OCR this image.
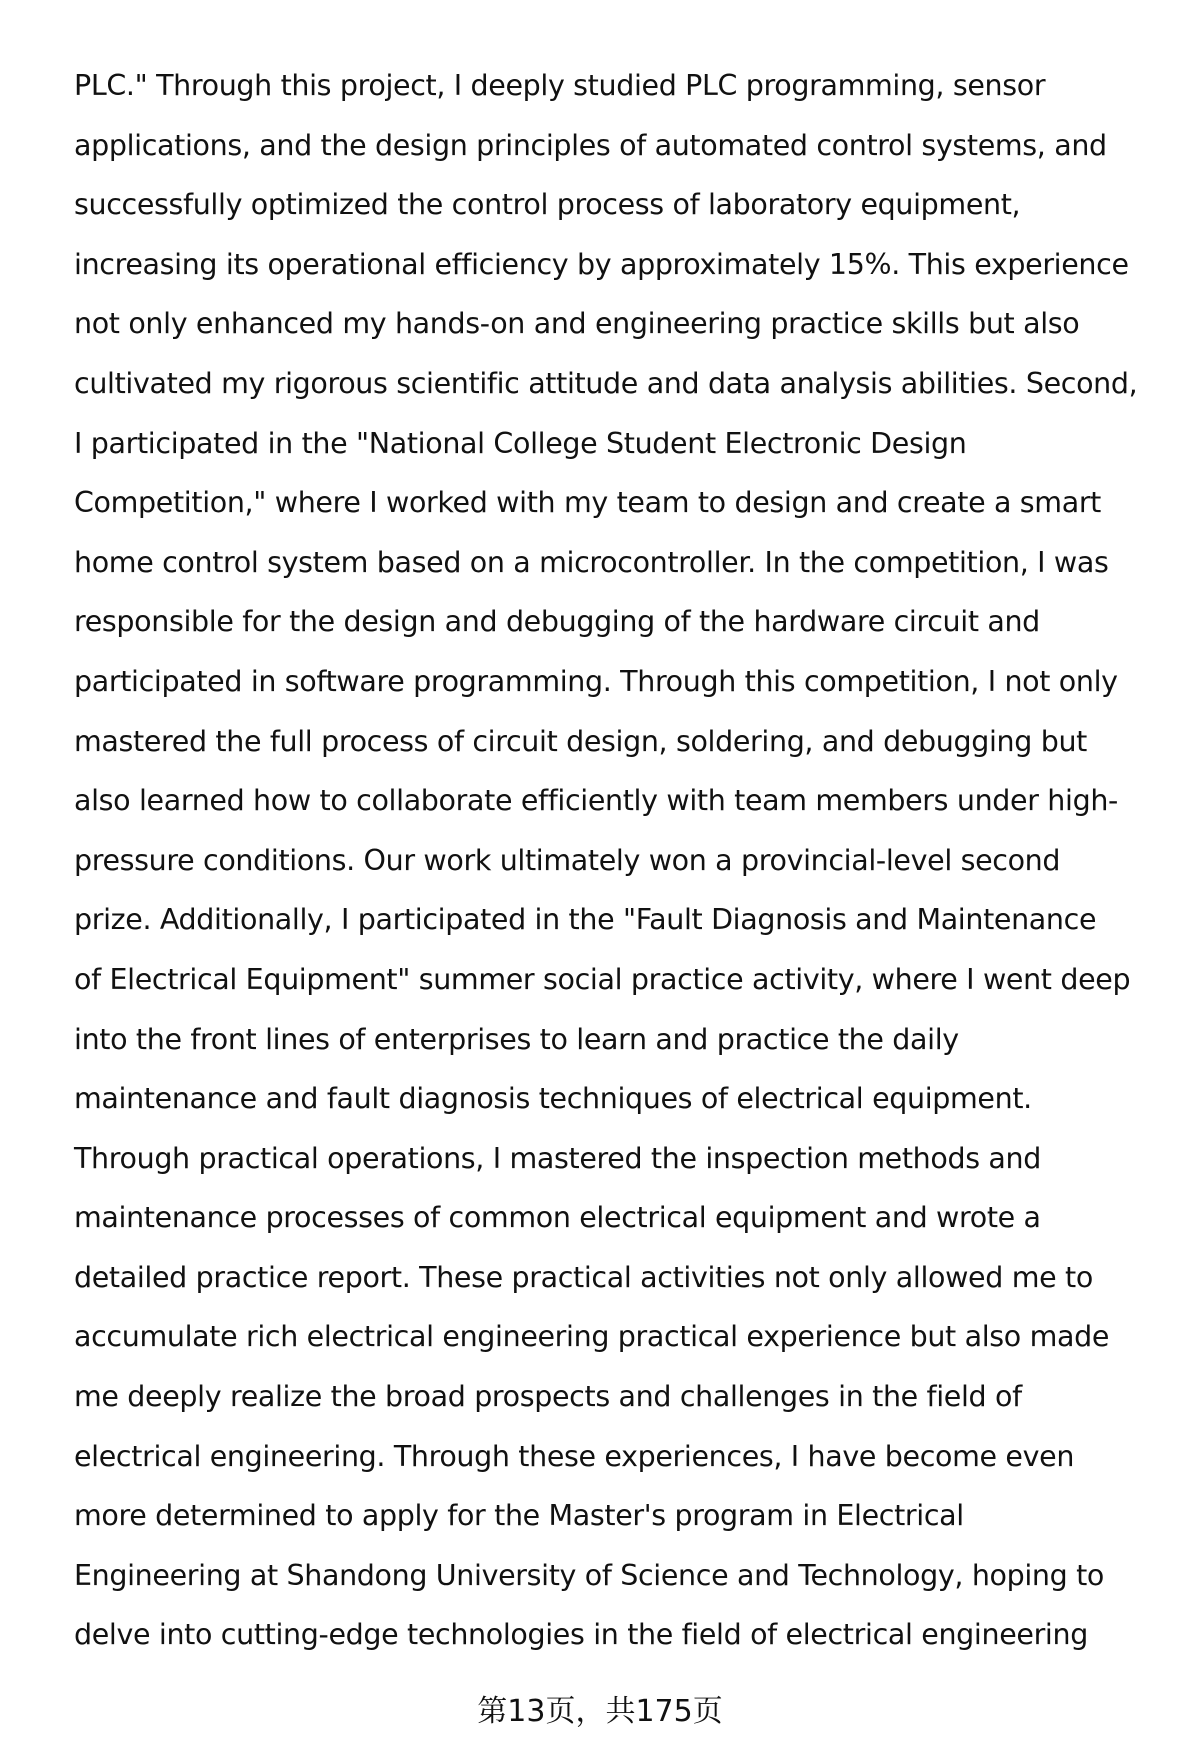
PLC." Through this project, I deeply studied PLC programming, sensor
applications, and the design principles of automated control systems, and
successfully optimized the control process of laboratory equipment,
increasing its operational efficiency by approximately 15%. This experience
not only enhanced my hands-on and engineering practice skills but also
cultivated my rigorous scientific attitude and data analysis abilities. Second,
I participated in the "National College Student Electronic Design
Competition," where I worked with my team to design and create a smart
home control system based on a microcontroller. In the competition, I was
responsible for the design and debugging of the hardware circuit and
participated in software programming. Through this competition, I not only
mastered the full process of circuit design, soldering, and debugging but
also learned how to collaborate efficiently with team members under high-
pressure conditions. Our work ultimately won a provincial-level second
prize. Additionally, I participated in the "Fault Diagnosis and Maintenance
of Electrical Equipment" summer social practice activity, where I went deep
into the front lines of enterprises to learn and practice the daily
maintenance and fault diagnosis techniques of electrical equipment.
Through practical operations, I mastered the inspection methods and
maintenance processes of common electrical equipment and wrote a
detailed practice report. These practical activities not only allowed me to
accumulate rich electrical engineering practical experience but also made
me deeply realize the broad prospects and challenges in the field of
electrical engineering. Through these experiences, I have become even
more determined to apply for the Master's program in Electrical
Engineering at Shandong University of Science and Technology, hoping to
delve into cutting-edge technologies in the field of electrical engineering
第13页，共175页
